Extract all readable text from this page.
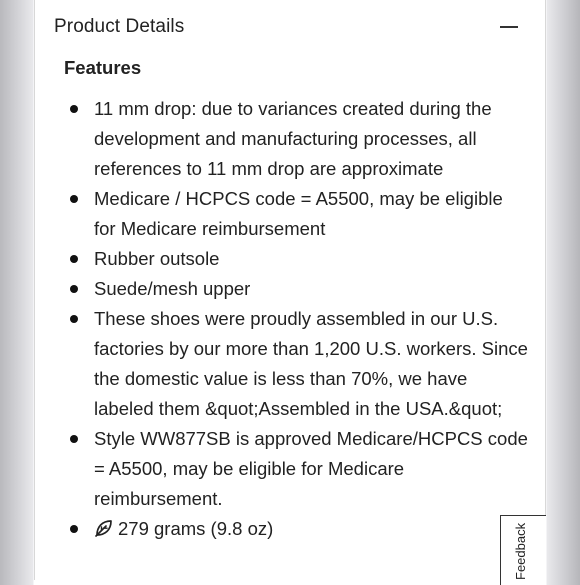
Product Details
Features
11 mm drop: due to variances created during the development and manufacturing processes, all references to 11 mm drop are approximate
Medicare / HCPCS code = A5500, may be eligible for Medicare reimbursement
Rubber outsole
Suede/mesh upper
These shoes were proudly assembled in our U.S. factories by our more than 1,200 U.S. workers. Since the domestic value is less than 70%, we have labeled them &quot;Assembled in the USA.&quot;
Style WW877SB is approved Medicare/HCPCS code = A5500, may be eligible for Medicare reimbursement.
279 grams (9.8 oz)	Feedback
